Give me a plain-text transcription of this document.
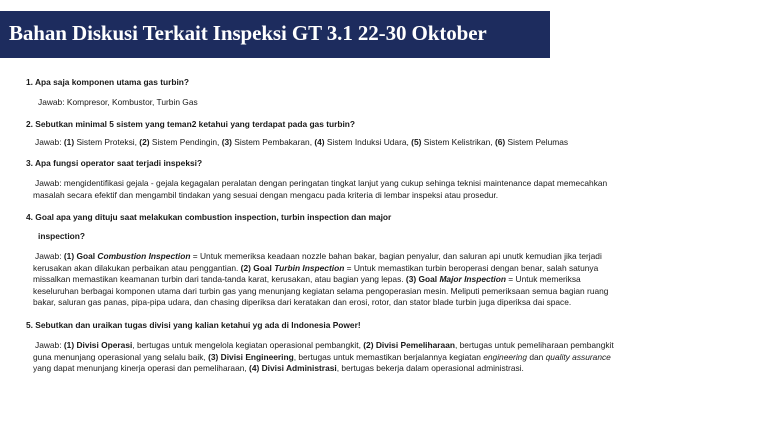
Bahan Diskusi Terkait Inspeksi GT 3.1 22-30 Oktober
1. Apa saja komponen utama gas turbin?
Jawab: Kompresor, Kombustor, Turbin Gas
2. Sebutkan minimal 5 sistem yang teman2 ketahui yang terdapat pada gas turbin?
Jawab: (1) Sistem Proteksi, (2) Sistem Pendingin, (3) Sistem Pembakaran, (4) Sistem Induksi Udara, (5) Sistem Kelistrikan, (6) Sistem Pelumas
3. Apa fungsi operator saat terjadi inspeksi?
Jawab: mengidentifikasi gejala - gejala kegagalan peralatan dengan peringatan tingkat lanjut yang cukup sehinga teknisi maintenance dapat memecahkan
masalah secara efektif dan mengambil tindakan yang sesuai dengan mengacu pada kriteria di lembar inspeksi atau prosedur.
4. Goal apa yang dituju saat melakukan combustion inspection, turbin inspection dan major
inspection?
Jawab: (1) Goal Combustion Inspection = Untuk memeriksa keadaan nozzle bahan bakar, bagian penyalur, dan saluran api unutk kemudian jika terjadi
kerusakan akan dilakukan perbaikan atau penggantian. (2) Goal Turbin Inspection = Untuk memastikan turbin beroperasi dengan benar, salah satunya
missalkan memastikan keamanan turbin dari tanda-tanda karat, kerusakan, atau bagian yang lepas. (3) Goal Major Inspection = Untuk memeriksa
keseluruhan berbagai komponen utama dari turbin gas yang menunjang kegiatan selama pengoperasian mesin. Meliputi pemeriksaan semua bagian ruang
bakar, saluran gas panas, pipa-pipa udara, dan chasing diperiksa dari keratakan dan erosi, rotor, dan stator blade turbin juga diperiksa dai space.
5. Sebutkan dan uraikan tugas divisi yang kalian ketahui yg ada di Indonesia Power!
Jawab: (1) Divisi Operasi, bertugas untuk mengelola kegiatan operasional pembangkit, (2) Divisi Pemeliharaan, bertugas untuk pemeliharaan pembangkit
guna menunjang operasional yang selalu baik, (3) Divisi Engineering, bertugas untuk memastikan berjalannya kegiatan engineering dan quality assurance
yang dapat menunjang kinerja operasi dan pemeliharaan, (4) Divisi Administrasi, bertugas bekerja dalam operasional administrasi.
